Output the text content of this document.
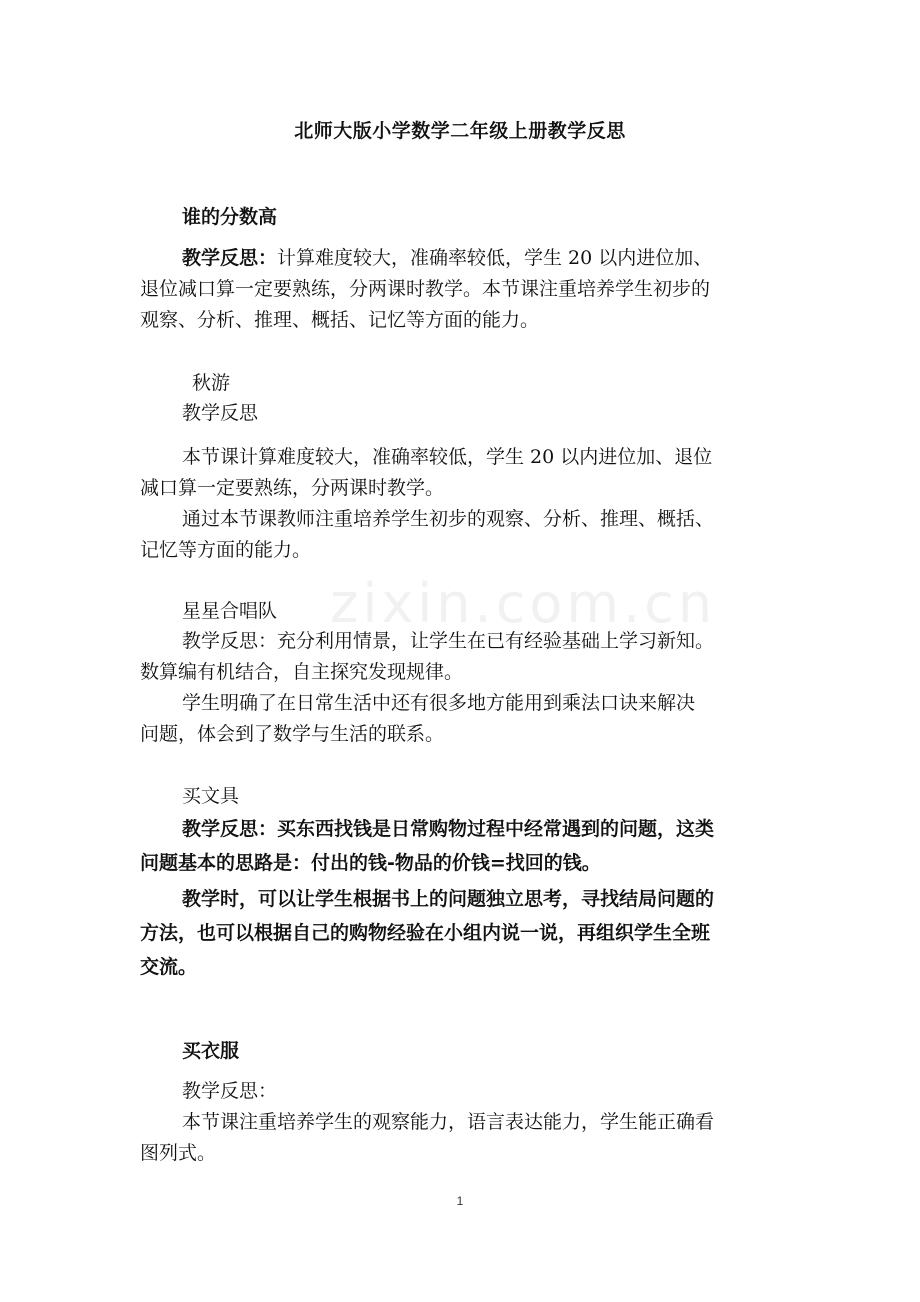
北师大版小学数学二年级上册教学反思
谁的分数高
教学反思：计算难度较大，准确率较低，学生 20 以内进位加、
退位减口算一定要熟练，分两课时教学。本节课注重培养学生初步的
观察、分析、推理、概括、记忆等方面的能力。
秋游
教学反思
本节课计算难度较大，准确率较低，学生 20 以内进位加、退位
减口算一定要熟练，分两课时教学。
通过本节课教师注重培养学生初步的观察、分析、推理、概括、
记忆等方面的能力。
zixin.com.cn
星星合唱队
教学反思：充分利用情景，让学生在已有经验基础上学习新知。
数算编有机结合，自主探究发现规律。
学生明确了在日常生活中还有很多地方能用到乘法口诀来解决
问题，体会到了数学与生活的联系。
买文具
教学反思：买东西找钱是日常购物过程中经常遇到的问题，这类
问题基本的思路是：付出的钱-物品的价钱=找回的钱。
教学时，可以让学生根据书上的问题独立思考，寻找结局问题的
方法，也可以根据自己的购物经验在小组内说一说，再组织学生全班
交流。
买衣服
教学反思：
本节课注重培养学生的观察能力，语言表达能力，学生能正确看
图列式。
1
